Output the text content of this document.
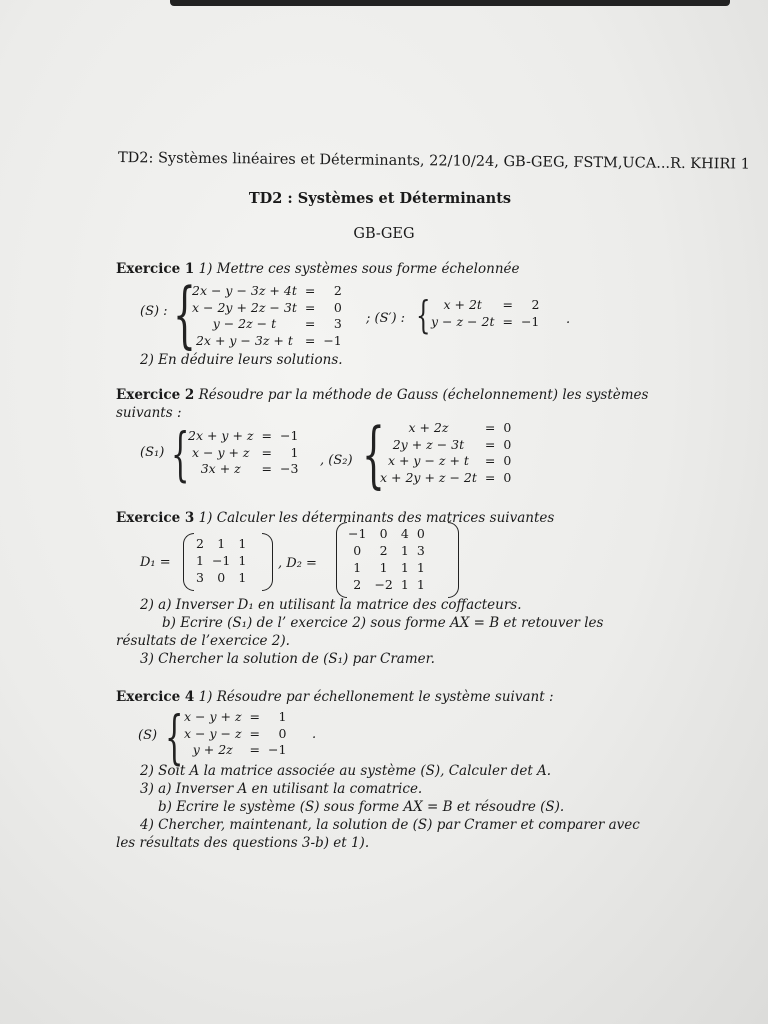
TD2: Systèmes linéaires et Déterminants, 22/10/24, GB-GEG, FSTM,UCA...R. KHIRI 1
TD2 : Systèmes et Déterminants
GB-GEG
Exercice 1 1) Mettre ces systèmes sous forme échelonnée
(S) : {
2x − y − 3z + 4t	=	2
x − 2y + 2z − 3t	=	0
y − 2z − t	=	3
2x + y − 3z + t	=	−1
; (S′) : { x + 2t	=	2
y − z − 2t	=	−1 .
2) En déduire leurs solutions.
Exercice 2 Résoudre par la méthode de Gauss (échelonnement) les systèmes
suivants :
(S₁) {
2x + y + z	=	−1
x − y + z	=	1
3x + z	=	−3
, (S₂) { x + 2z	=	0
2y + z − 3t	=	0
x + y − z + t	=	0
x + 2y + z − 2t	=	0
Exercice 3 1) Calculer les déterminants des matrices suivantes
D₁ =
2	1	1
1	−1	1
3	0	1
, D₂ =
−1	0	4	0
0	2	1	3
1	1	1	1
2	−2	1	1
2) a) Inverser D₁ en utilisant la matrice des coffacteurs.
b) Ecrire (S₁) de l’ exercice 2) sous forme AX = B et retouver les
résultats de l’exercice 2).
3) Chercher la solution de (S₁) par Cramer.
Exercice 4 1) Résoudre par échellonement le système suivant :
(S) { x − y + z	=	1
x − y − z	=	0
y + 2z	=	−1
.
2) Soit A la matrice associée au système (S), Calculer det A.
3) a) Inverser A en utilisant la comatrice.
b) Ecrire le système (S) sous forme AX = B et résoudre (S).
4) Chercher, maintenant, la solution de (S) par Cramer et comparer avec
les résultats des questions 3-b) et 1).
